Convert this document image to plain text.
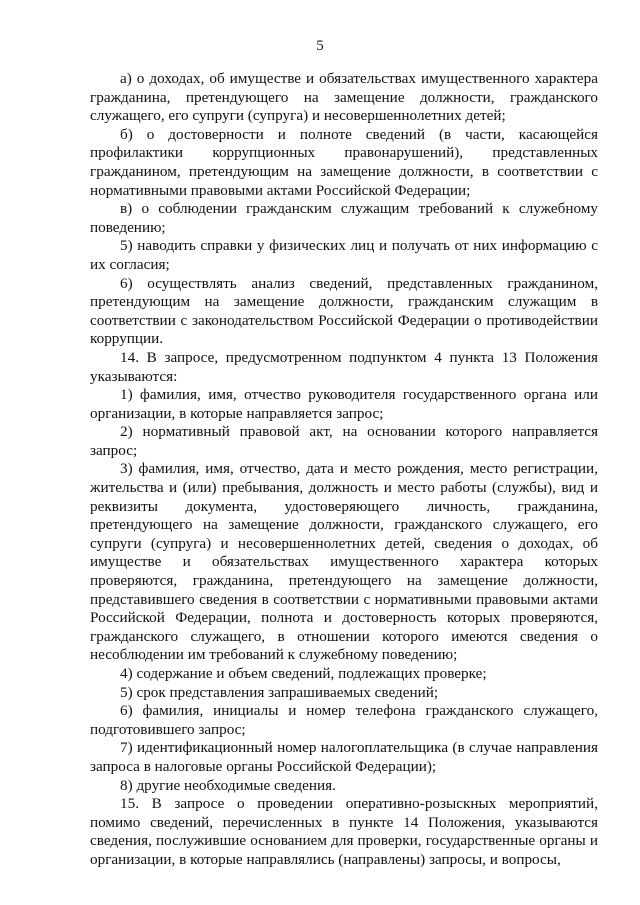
5

а) о доходах, об имуществе и обязательствах имущественного характера гражданина, претендующего на замещение должности, гражданского служащего, его супруги (супруга) и несовершеннолетних детей;

б) о достоверности и полноте сведений (в части, касающейся профилактики коррупционных правонарушений), представленных гражданином, претендующим на замещение должности, в соответствии с нормативными правовыми актами Российской Федерации;

в) о соблюдении гражданским служащим требований к служебному поведению;

5) наводить справки у физических лиц и получать от них информацию с их согласия;

6) осуществлять анализ сведений, представленных гражданином, претендующим на замещение должности, гражданским служащим в соответствии с законодательством Российской Федерации о противодействии коррупции.

14. В запросе, предусмотренном подпунктом 4 пункта 13 Положения указываются:

1) фамилия, имя, отчество руководителя государственного органа или организации, в которые направляется запрос;

2) нормативный правовой акт, на основании которого направляется запрос;

3) фамилия, имя, отчество, дата и место рождения, место регистрации, жительства и (или) пребывания, должность и место работы (службы), вид и реквизиты документа, удостоверяющего личность, гражданина, претендующего на замещение должности, гражданского служащего, его супруги (супруга) и несовершеннолетних детей, сведения о доходах, об имуществе и обязательствах имущественного характера которых проверяются, гражданина, претендующего на замещение должности, представившего сведения в соответствии с нормативными правовыми актами Российской Федерации, полнота и достоверность которых проверяются, гражданского служащего, в отношении которого имеются сведения о несоблюдении им требований к служебному поведению;

4) содержание и объем сведений, подлежащих проверке;

5) срок представления запрашиваемых сведений;

6) фамилия, инициалы и номер телефона гражданского служащего, подготовившего запрос;

7) идентификационный номер налогоплательщика (в случае направления запроса в налоговые органы Российской Федерации);

8) другие необходимые сведения.

15. В запросе о проведении оперативно-розыскных мероприятий, помимо сведений, перечисленных в пункте 14 Положения, указываются сведения, послужившие основанием для проверки, государственные органы и организации, в которые направлялись (направлены) запросы, и вопросы,
